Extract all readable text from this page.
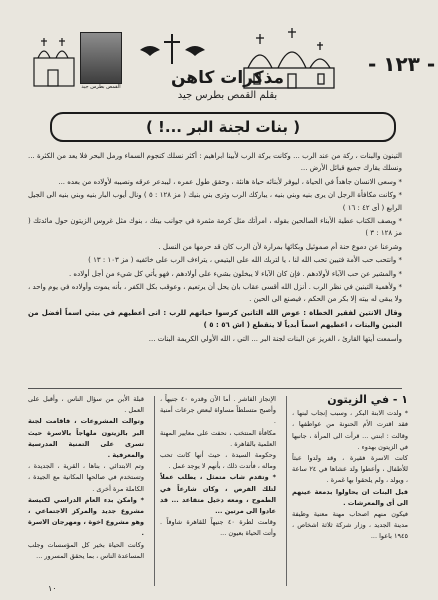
القمص بطرس جيد	مذكرات كاهن
بقلم القمص بطرس جيد
- ١٢٣ -
( بنات لجنة البر ...! )

التينون والبنات ، ركة من عند الرب ... وكانت بركة الرب لأبينا ابراهيم : أكثر نسلك كنجوم السماء ورمل البحر فلا يعد من الكثرة ... ونسلك يقارك جميع قبائل الأرض ...

* وسعى الانسان جاهداً في الحياة ، ليوفر لأبنائه حياة هانئة ، وحقق طول عمره ، ليبدعر عرقه ونصيبه لأولاده من بعده ...

* وكانت مكافأة الرجل ان يرى بنيه وبني بنيه ، يباركك الرب وترى بني بنيك ( مز ١٢٨ : ٥ ) ونال أيوب البار بنيه وبني بنيه الى الجيل الرابع ( أى ٤٢ : ١٦ )

* ويصف الكتاب عطية الأبناء الصالحين بقوله ، امرأتك مثل كرمة مثمرة في جوانب بيتك ، بنوك مثل غروس الزيتون حول مائدتك ( مز ١٢٨ : ٣ )

وشرعنا عن دموع حنة أم صموئيل وبكائها بمرارة لأن الرب كان قد حرمها من النسل .

* وانتحب حب الأمة فتيين تحب الله لنا ، يا لتربك الله على اليتيمي ، يتراءف الرب على خائفيه ( مز ١٠٣ : ١٣ )

* والمشير عن حب الآباء لأولادهم . فإن كان الآباء لا يبخلون بشيء على أولادهم ، فهو يأتي كل شيء من أجل أولاده .

* ولأهمية التينين في نظر الرب . أنزل الله أقسى عقاب بان يحل أن يرتعيم ، وعوقب بكل الكفر ، بأنه يموت وأولاده في يوم واحد ، ولا يبقى له بيته إلا بكر من الحكم ، فيصنع الى الحين .

وقال الانتين لفقير الخطاة : عوض الله التانين كرسوا حياتهم للرب : انى أعطيهم في بيتي اسماً أفضل من البنين والبنات ، اعطيهم اسماً أبدياً لا ينقطع ( اش ٥٦ : ٥ )

وأسمعت أيتها القارئ ، الغريز عن البنات لجنة البر ... التي ، الله الأولي الكريمة البنات ...

١ - في الزيتون

* ولدت الابنة البكر ، وسبب إنجاب لبنها ، فقد اقترت الأم الحنونة من عواطفها ، وقالت : ابنتي ... قرأت الى المرأة ، جانبها في الزيتون بهدوء .

كانت الاسرة فقيرة ، وقد ولدوا عبثاً للأطفال ، وأعطوا ولد عشاها في ٢٤ ساعة ، ويولد ، ولم يلحقوا بها غمرة .

قبل البنات ان يحاولوا بدمعة عينهم الى أى والمعرشات .

فيكون منهم اصحاب مهنة معنية وظيفة مدينة الجديد ، وزار شركة ثلاثة اشخاص ، ١٩٤٥ باعوا ...

الإنجاز الفاشر . أما الآن وقدره ٤٠ جنيهاً ، وأصبح متسلطاً مساواة لبعض جرعات أمنية .

مكافأة المنتخب ، نحفت على معايير المهنة العلمية بالقاهرة .

وحكومة السيدة ، حيث أنها كانت تحب وماله ، فأتدت ذلك ، بأنهم لا يوجد عمل .

* وتقدم شاب متمثل ، يطلب عملاً لتلك الفرص ، وكان شارعاً في الطموح ، ومعه دخيل متقاعد ... قد عادوا الى مرتين ...

وقامت لطرة ٤٠ جنيهاً للقاهرة شاوفاً . وأتت الحياة بعيون ...

قبلة الأبن من سؤال الناس ، وأقبل على العمل .

وتوالت المشروعات ، فاقامت لجنة البر بالزيتون ملهاجاً بالاسرة حيث تسرى على التمنية المدرسية والمعرفية .

وتم الابتدائي ، بناها ، القرية ، الجديدة ، وتستخدم في صالحها المكانية مع الجيدة ، الكاملة مرة أخرى .

* وامكن بدء العام الدراسي لكنيسة مشروع جديد والمركز الاجتماعي ، وهو مشروع اخوة ، ومهرجان الاسرة .

وكانت الحياة بخير كل المؤسسات وجلب المساعدة الناس ، بما يحقق المسرور ...

١٠
